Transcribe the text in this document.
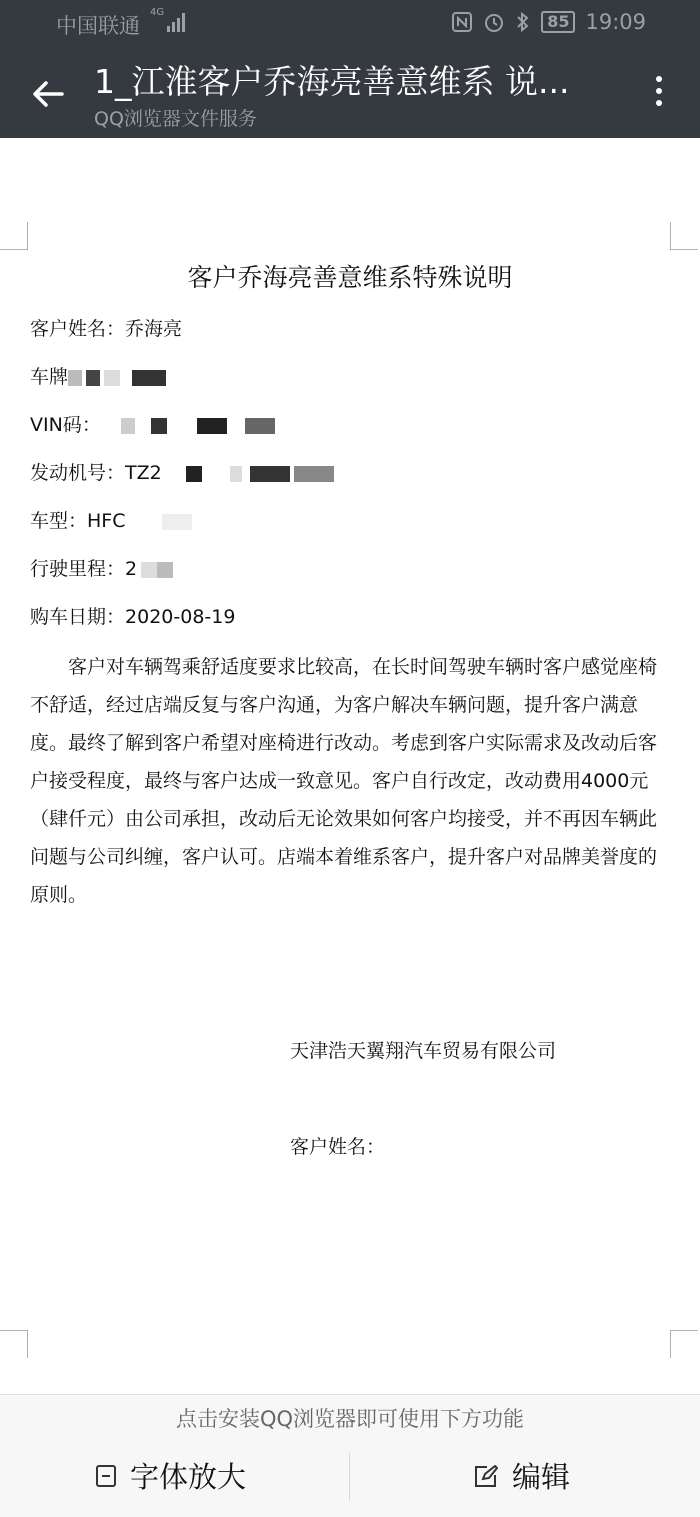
中国联通
4G	85 19:09
1_江淮客户乔海亮善意维系 说...
QQ浏览器文件服务
客户乔海亮善意维系特殊说明
客户姓名：乔海亮
车牌
VIN码：
发动机号：TZ2
车型：HFC
行驶里程：2
购车日期：2020-08-19
客户对车辆驾乘舒适度要求比较高，在长时间驾驶车辆时客户感觉座椅不舒适，经过店端反复与客户沟通，为客户解决车辆问题，提升客户满意度。最终了解到客户希望对座椅进行改动。考虑到客户实际需求及改动后客户接受程度，最终与客户达成一致意见。客户自行改定，改动费用4000元（肆仟元）由公司承担，改动后无论效果如何客户均接受，并不再因车辆此问题与公司纠缠，客户认可。店端本着维系客户，提升客户对品牌美誉度的原则。
天津浩天翼翔汽车贸易有限公司
客户姓名：
点击安装QQ浏览器即可使用下方功能
字体放大	编辑
